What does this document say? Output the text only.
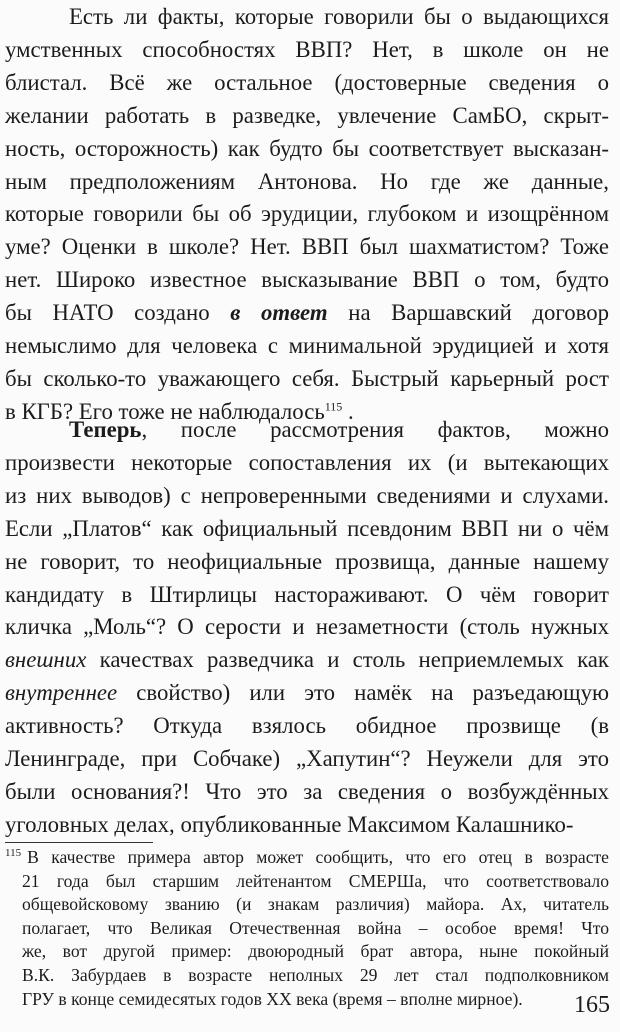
Есть ли факты, которые говорили бы о выдающихся
умственных способностях ВВП? Нет, в школе он не
блистал. Всё же остальное (достоверные сведения о
желании работать в разведке, увлечение СамБО, скрыт-
ность, осторожность) как будто бы соответствует высказан-
ным предположениям Антонова. Но где же данные,
которые говорили бы об эрудиции, глубоком и изощрённом
уме? Оценки в школе? Нет. ВВП был шахматистом? Тоже
нет. Широко известное высказывание ВВП о том, будто
бы НАТО создано в ответ на Варшавский договор
немыслимо для человека с минимальной эрудицией и хотя
бы сколько-то уважающего себя. Быстрый карьерный рост
в КГБ? Его тоже не наблюдалось$^{115}$ .
Теперь, после рассмотрения фактов, можно
произвести некоторые сопоставления их (и вытекающих
из них выводов) с непроверенными сведениями и слухами.
Если „Платов“ как официальный псевдоним ВВП ни о чём
не говорит, то неофициальные прозвища, данные нашему
кандидату в Штирлицы настораживают. О чём говорит
кличка „Моль“? О серости и незаметности (столь нужных
внешних качествах разведчика и столь неприемлемых как
внутреннее свойство) или это намёк на разъедающую
активность? Откуда взялось обидное прозвище (в
Ленинграде, при Собчаке) „Хапутин“? Неужели для это
были основания?! Что это за сведения о возбуждённых
уголовных делах, опубликованные Максимом Калашнико-
$^{115}$ В качестве примера автор может сообщить, что его отец в возрасте
21 года был старшим лейтенантом СМЕРШа, что соответствовало
общевойсковому званию (и знакам различия) майора. Ах, читатель
полагает, что Великая Отечественная война – особое время! Что
же, вот другой пример: двоюродный брат автора, ныне покойный
В.К. Забурдаев в возрасте неполных 29 лет стал подполковником
ГРУ в конце семидесятых годов XX века (время – вполне мирное).	165
